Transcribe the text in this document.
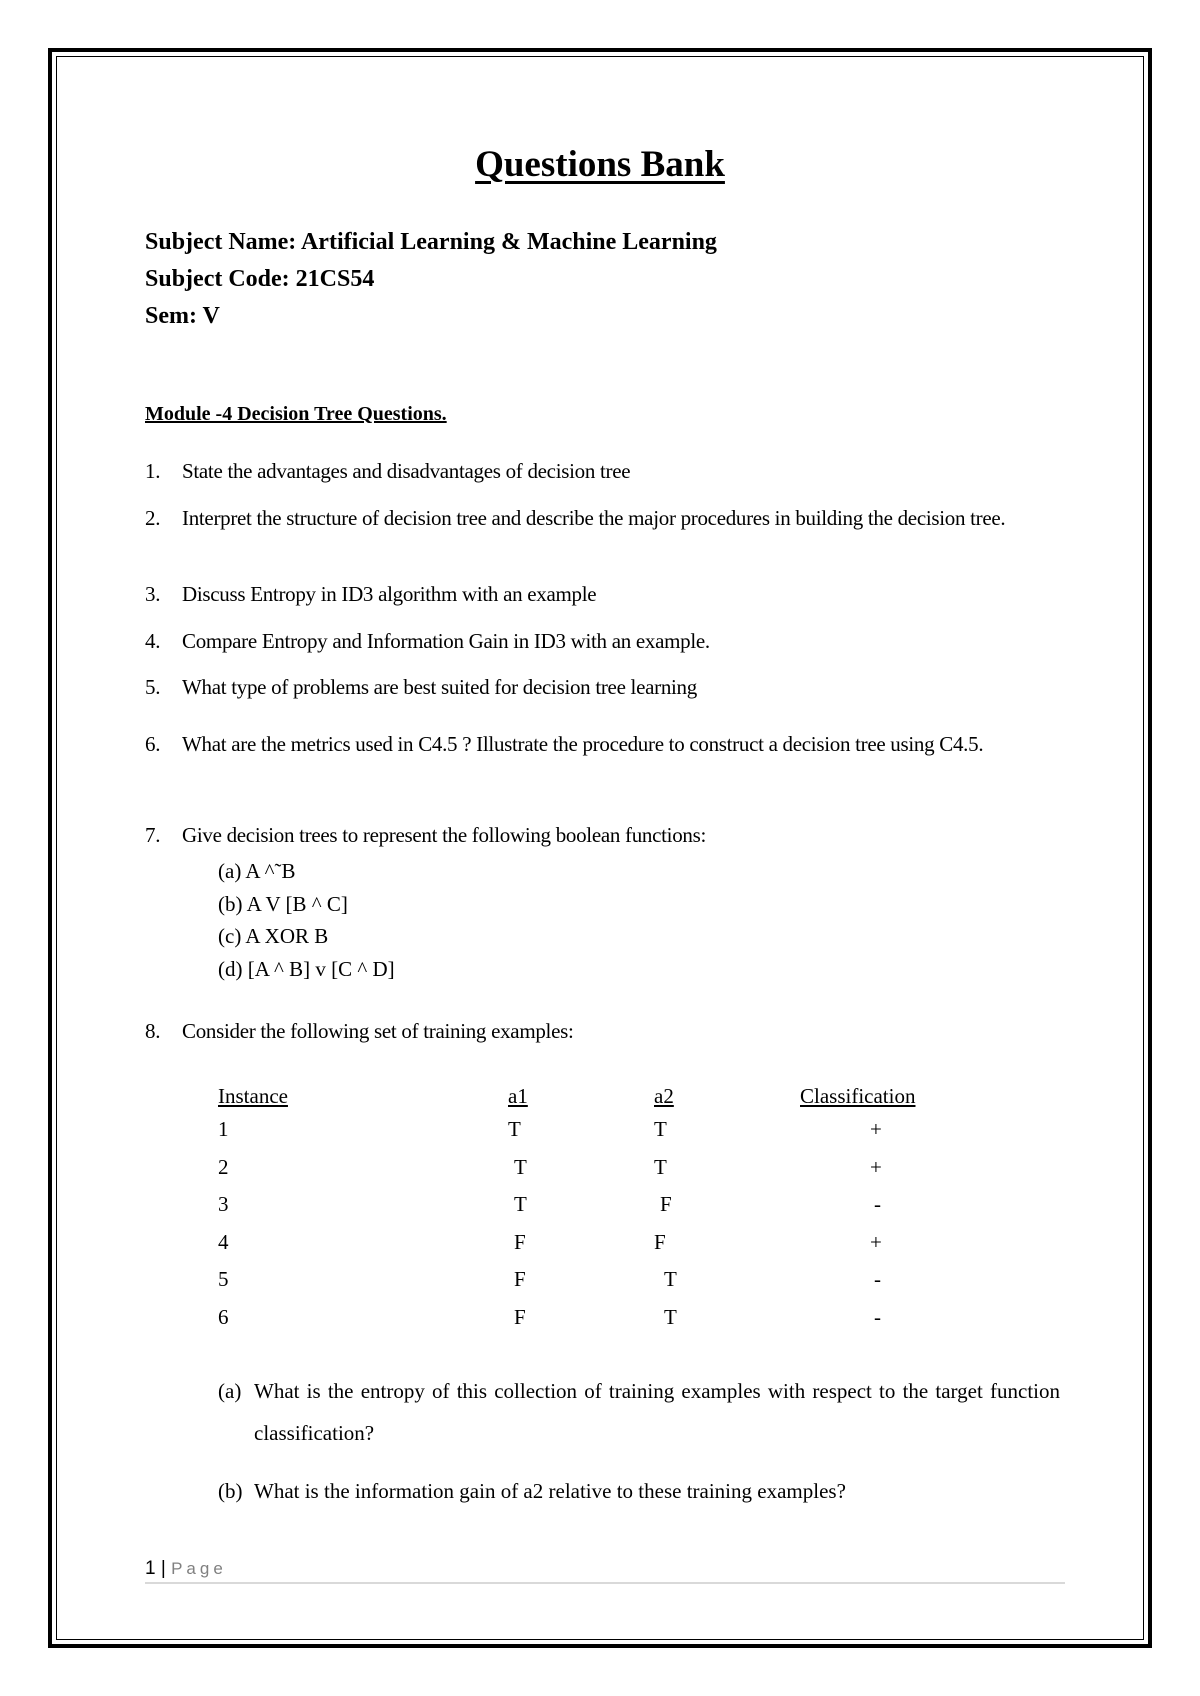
Questions Bank
Subject Name: Artificial Learning & Machine Learning
Subject Code: 21CS54
Sem: V
Module -4 Decision Tree Questions.
1. State the advantages and disadvantages of decision tree
2. Interpret the structure of decision tree and describe the major procedures in building the decision tree.
3. Discuss Entropy in ID3 algorithm with an example
4. Compare Entropy and Information Gain in ID3 with an example.
5. What type of problems are best suited for decision tree learning
6. What are the metrics used in C4.5 ? Illustrate the procedure to construct a decision tree using C4.5.
7. Give decision trees to represent the following boolean functions:
(a) A ^˜B
(b) A V [B ^ C]
(c) A XOR B
(d) [A ^ B] v [C ^ D]
8. Consider the following set of training examples:
Instance	a1	a2	Classification
1	T	T	+
2	T	T	+
3	T	F	-
4	F	F	+
5	F	T	-
6	F	T	-
(a) What is the entropy of this collection of training examples with respect to the target function classification?
(b) What is the information gain of a2 relative to these training examples?
1 | Page
